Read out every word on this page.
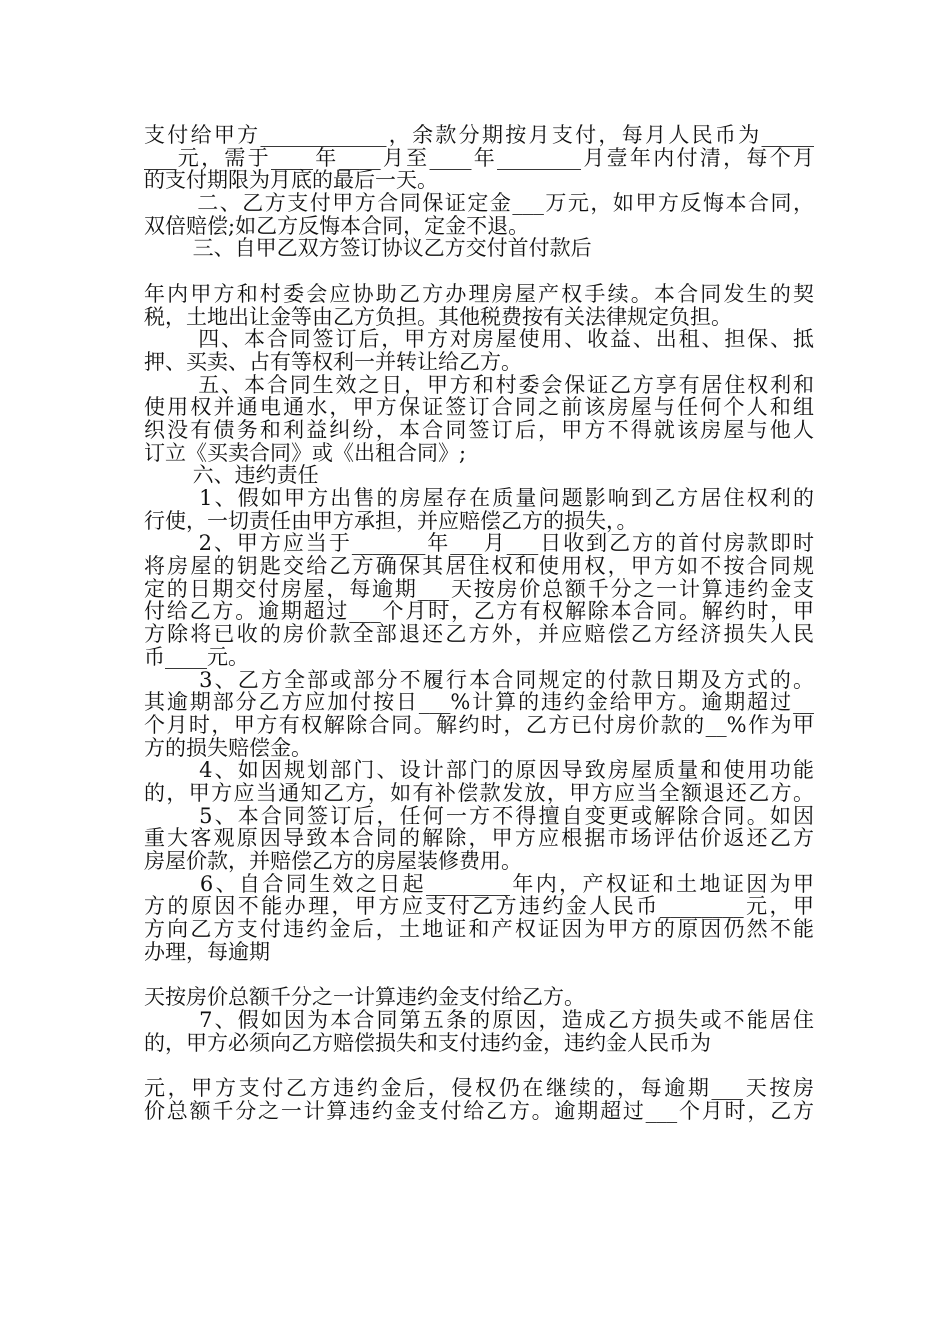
支付给甲方____________，余款分期按月支付，每月人民币为_____
___元，需于____年____月至____年________月壹年内付清，每个月
的支付期限为月底的最后一天。
　　 二、乙方支付甲方合同保证定金___万元，如甲方反悔本合同，
双倍赔偿;如乙方反悔本合同，定金不退。
　　 三、自甲乙双方签订协议乙方交付首付款后
年内甲方和村委会应协助乙方办理房屋产权手续。本合同发生的契
税，土地出让金等由乙方负担。其他税费按有关法律规定负担。
　　 四、本合同签订后，甲方对房屋使用、收益、出租、担保、抵
押、买卖、占有等权利一并转让给乙方。
　　 五、本合同生效之日，甲方和村委会保证乙方享有居住权利和
使用权并通电通水，甲方保证签订合同之前该房屋与任何个人和组
织没有债务和利益纠纷，本合同签订后，甲方不得就该房屋与他人
订立《买卖合同》或《出租合同》;
　　 六、违约责任
　　 1、假如甲方出售的房屋存在质量问题影响到乙方居住权利的
行使，一切责任由甲方承担，并应赔偿乙方的损失，。
　　 2、甲方应当于_______年___月___日收到乙方的首付房款即时
将房屋的钥匙交给乙方确保其居住权和使用权，甲方如不按合同规
定的日期交付房屋，每逾期___天按房价总额千分之一计算违约金支
付给乙方。逾期超过___个月时，乙方有权解除本合同。解约时，甲
方除将已收的房价款全部退还乙方外，并应赔偿乙方经济损失人民
币____元。
　　 3、乙方全部或部分不履行本合同规定的付款日期及方式的。
其逾期部分乙方应加付按日___%计算的违约金给甲方。逾期超过__
个月时，甲方有权解除合同。解约时，乙方已付房价款的__%作为甲
方的损失赔偿金。
　　 4、如因规划部门、设计部门的原因导致房屋质量和使用功能
的，甲方应当通知乙方，如有补偿款发放，甲方应当全额退还乙方。
　　 5、本合同签订后，任何一方不得擅自变更或解除合同。如因
重大客观原因导致本合同的解除，甲方应根据市场评估价返还乙方
房屋价款，并赔偿乙方的房屋装修费用。
　　 6、自合同生效之日起________年内，产权证和土地证因为甲
方的原因不能办理，甲方应支付乙方违约金人民币________元，甲
方向乙方支付违约金后，土地证和产权证因为甲方的原因仍然不能
办理，每逾期
天按房价总额千分之一计算违约金支付给乙方。
　　 7、假如因为本合同第五条的原因，造成乙方损失或不能居住
的，甲方必须向乙方赔偿损失和支付违约金，违约金人民币为
元，甲方支付乙方违约金后，侵权仍在继续的，每逾期___天按房
价总额千分之一计算违约金支付给乙方。逾期超过___个月时，乙方
